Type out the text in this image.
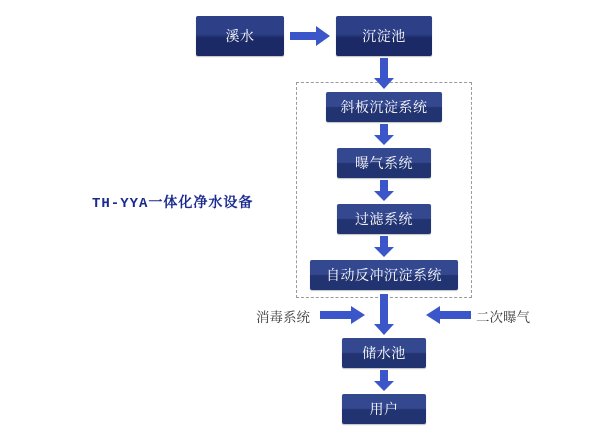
TH-YYA一体化净水设备
溪水	沉淀池
斜板沉淀系统
曝气系统
过滤系统
自动反冲沉淀系统
储水池
用户
消毒系统	二次曝气
